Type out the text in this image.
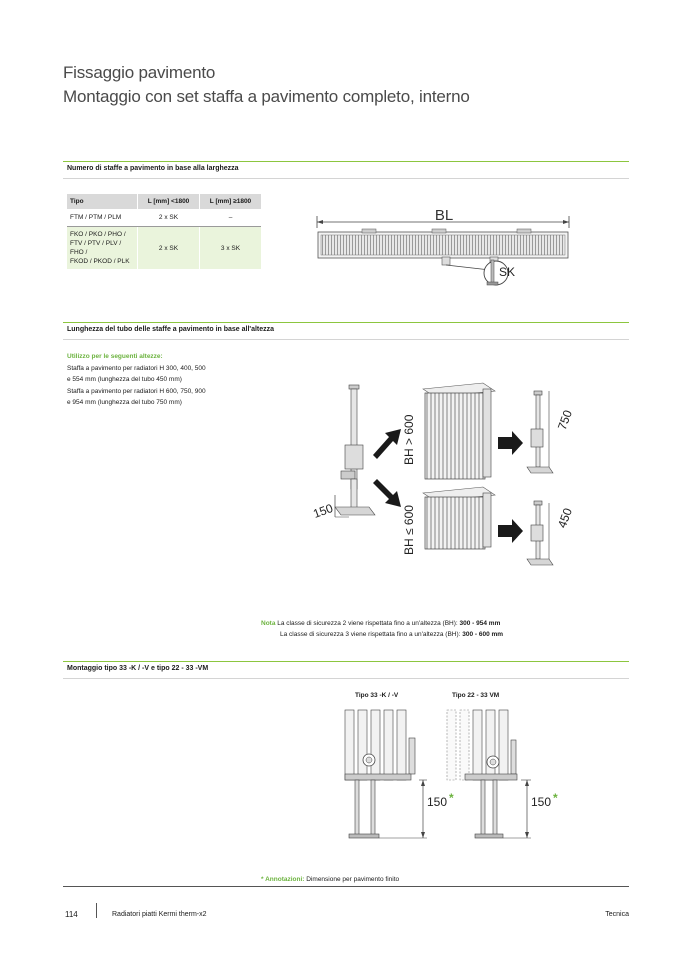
Fissaggio pavimento
Montaggio con set staffa a pavimento completo, interno
Numero di staffe a pavimento in base alla larghezza
Tipo	L [mm] <1800	L [mm] ≥1800
FTM / PTM / PLM	2 x SK	–

FKO / PKO / PHO /
FTV / PTV / PLV / FHO /
FKOD / PKOD / PLK	2 x SK	3 x SK
BL
SK
Lunghezza del tubo delle staffe a pavimento in base all'altezza
Utilizzo per le seguenti altezze:
Staffa a pavimento per radiatori H 300, 400, 500
e 554 mm (lunghezza del tubo 450 mm)
Staffa a pavimento per radiatori H 600, 750, 900
e 954 mm (lunghezza del tubo 750 mm)
150
BH > 600
BH ≤ 600
750
450
Nota La classe di sicurezza 2 viene rispettata fino a un'altezza (BH): 300 - 954 mm
La classe di sicurezza 3 viene rispettata fino a un'altezza (BH): 300 - 600 mm
Montaggio tipo 33 -K / -V e tipo 22 - 33 -VM
Tipo 33 -K / -V	Tipo 22 - 33 VM
150 *	150 *
* Annotazioni: Dimensione per pavimento finito
114	Radiatori piatti Kermi therm-x2	Tecnica
